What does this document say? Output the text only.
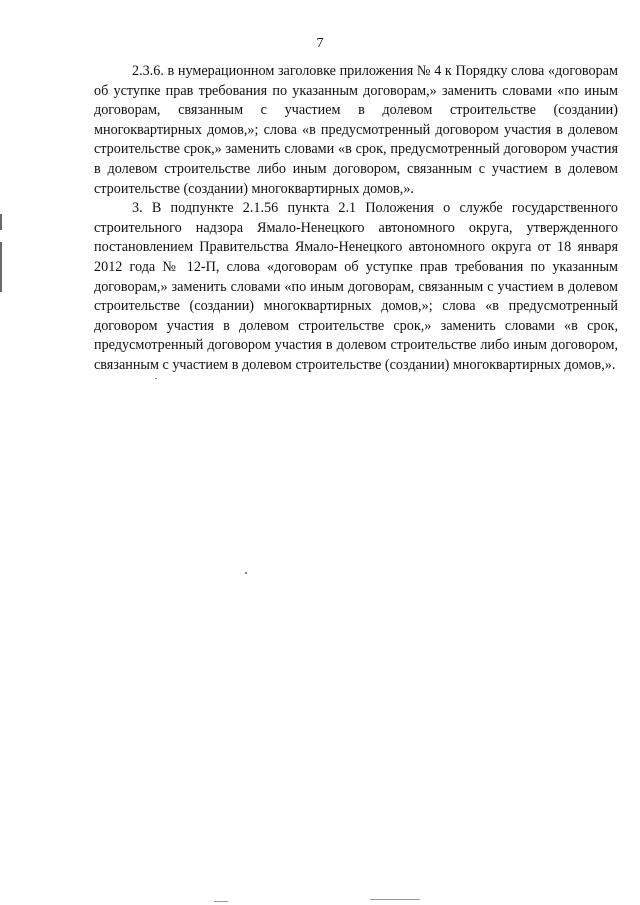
7

2.3.6. в нумерационном заголовке приложения № 4 к Порядку слова «договорам об уступке прав требования по указанным договорам,» заменить словами «по иным договорам, связанным с участием в долевом строительстве (создании) многоквартирных домов,»; слова «в предусмотренный договором участия в долевом строительстве срок,» заменить словами «в срок, предусмотренный договором участия в долевом строительстве либо иным договором, связанным с участием в долевом строительстве (создании) многоквартирных домов,».

3. В подпункте 2.1.56 пункта 2.1 Положения о службе государственного строительного надзора Ямало-Ненецкого автономного округа, утвержденного постановлением Правительства Ямало-Ненецкого автономного округа от 18 января 2012 года № 12-П, слова «договорам об уступке прав требования по указанным договорам,» заменить словами «по иным договорам, связанным с участием в долевом строительстве (создании) многоквартирных домов,»; слова «в предусмотренный договором участия в долевом строительстве срок,» заменить словами «в срок, предусмотренный договором участия в долевом строительстве либо иным договором, связанным с участием в долевом строительстве (создании) многоквартирных домов,».
